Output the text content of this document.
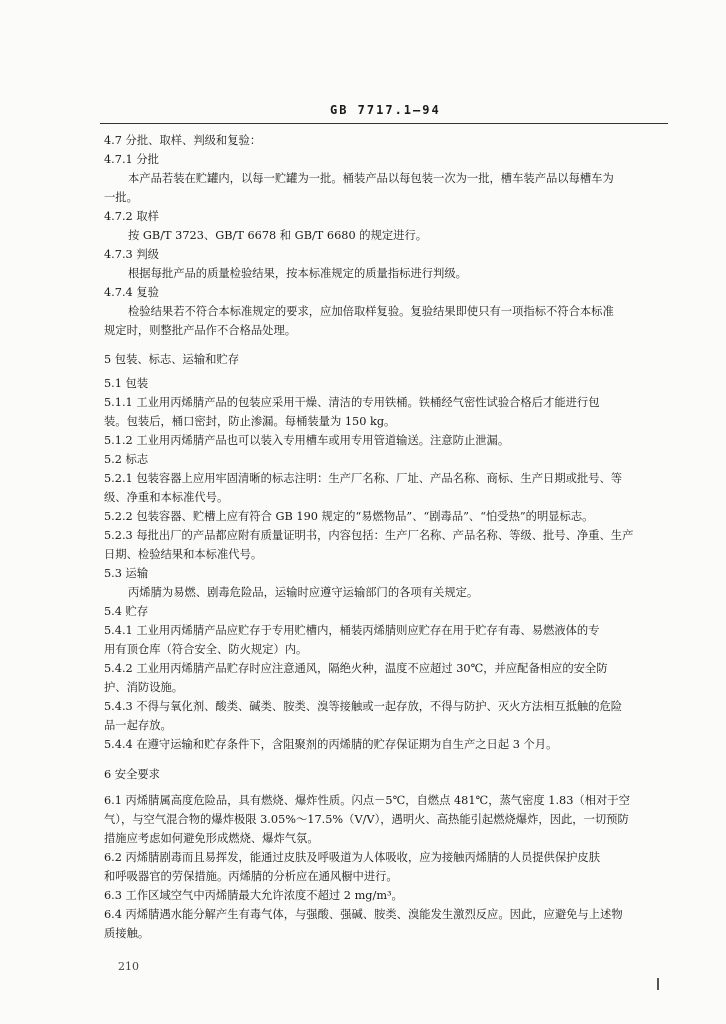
GB 7717.1—94
4.7 分批、取样、判级和复验：
4.7.1 分批
本产品若装在贮罐内，以每一贮罐为一批。桶装产品以每包装一次为一批，槽车装产品以每槽车为
一批。
4.7.2 取样
按 GB/T 3723、GB/T 6678 和 GB/T 6680 的规定进行。
4.7.3 判级
根据每批产品的质量检验结果，按本标准规定的质量指标进行判级。
4.7.4 复验
检验结果若不符合本标准规定的要求，应加倍取样复验。复验结果即使只有一项指标不符合本标准
规定时，则整批产品作不合格品处理。
5 包装、标志、运输和贮存
5.1 包装
5.1.1 工业用丙烯腈产品的包装应采用干燥、清洁的专用铁桶。铁桶经气密性试验合格后才能进行包
装。包装后，桶口密封，防止渗漏。每桶装量为 150 kg。
5.1.2 工业用丙烯腈产品也可以装入专用槽车或用专用管道输送。注意防止泄漏。
5.2 标志
5.2.1 包装容器上应用牢固清晰的标志注明：生产厂名称、厂址、产品名称、商标、生产日期或批号、等
级、净重和本标准代号。
5.2.2 包装容器、贮槽上应有符合 GB 190 规定的“易燃物品”、“剧毒品”、“怕受热”的明显标志。
5.2.3 每批出厂的产品都应附有质量证明书，内容包括：生产厂名称、产品名称、等级、批号、净重、生产
日期、检验结果和本标准代号。
5.3 运输
丙烯腈为易燃、剧毒危险品，运输时应遵守运输部门的各项有关规定。
5.4 贮存
5.4.1 工业用丙烯腈产品应贮存于专用贮槽内，桶装丙烯腈则应贮存在用于贮存有毒、易燃液体的专
用有顶仓库（符合安全、防火规定）内。
5.4.2 工业用丙烯腈产品贮存时应注意通风，隔绝火种，温度不应超过 30℃，并应配备相应的安全防
护、消防设施。
5.4.3 不得与氧化剂、酸类、碱类、胺类、溴等接触或一起存放，不得与防护、灭火方法相互抵触的危险
品一起存放。
5.4.4 在遵守运输和贮存条件下，含阻聚剂的丙烯腈的贮存保证期为自生产之日起 3 个月。
6 安全要求
6.1 丙烯腈属高度危险品，具有燃烧、爆炸性质。闪点－5℃，自燃点 481℃，蒸气密度 1.83（相对于空
气），与空气混合物的爆炸极限 3.05%～17.5%（V/V），遇明火、高热能引起燃烧爆炸，因此，一切预防
措施应考虑如何避免形成燃烧、爆炸气氛。
6.2 丙烯腈剧毒而且易挥发，能通过皮肤及呼吸道为人体吸收，应为接触丙烯腈的人员提供保护皮肤
和呼吸器官的劳保措施。丙烯腈的分析应在通风橱中进行。
6.3 工作区域空气中丙烯腈最大允许浓度不超过 2 mg/m³。
6.4 丙烯腈遇水能分解产生有毒气体，与强酸、强碱、胺类、溴能发生激烈反应。因此，应避免与上述物
质接触。
210
